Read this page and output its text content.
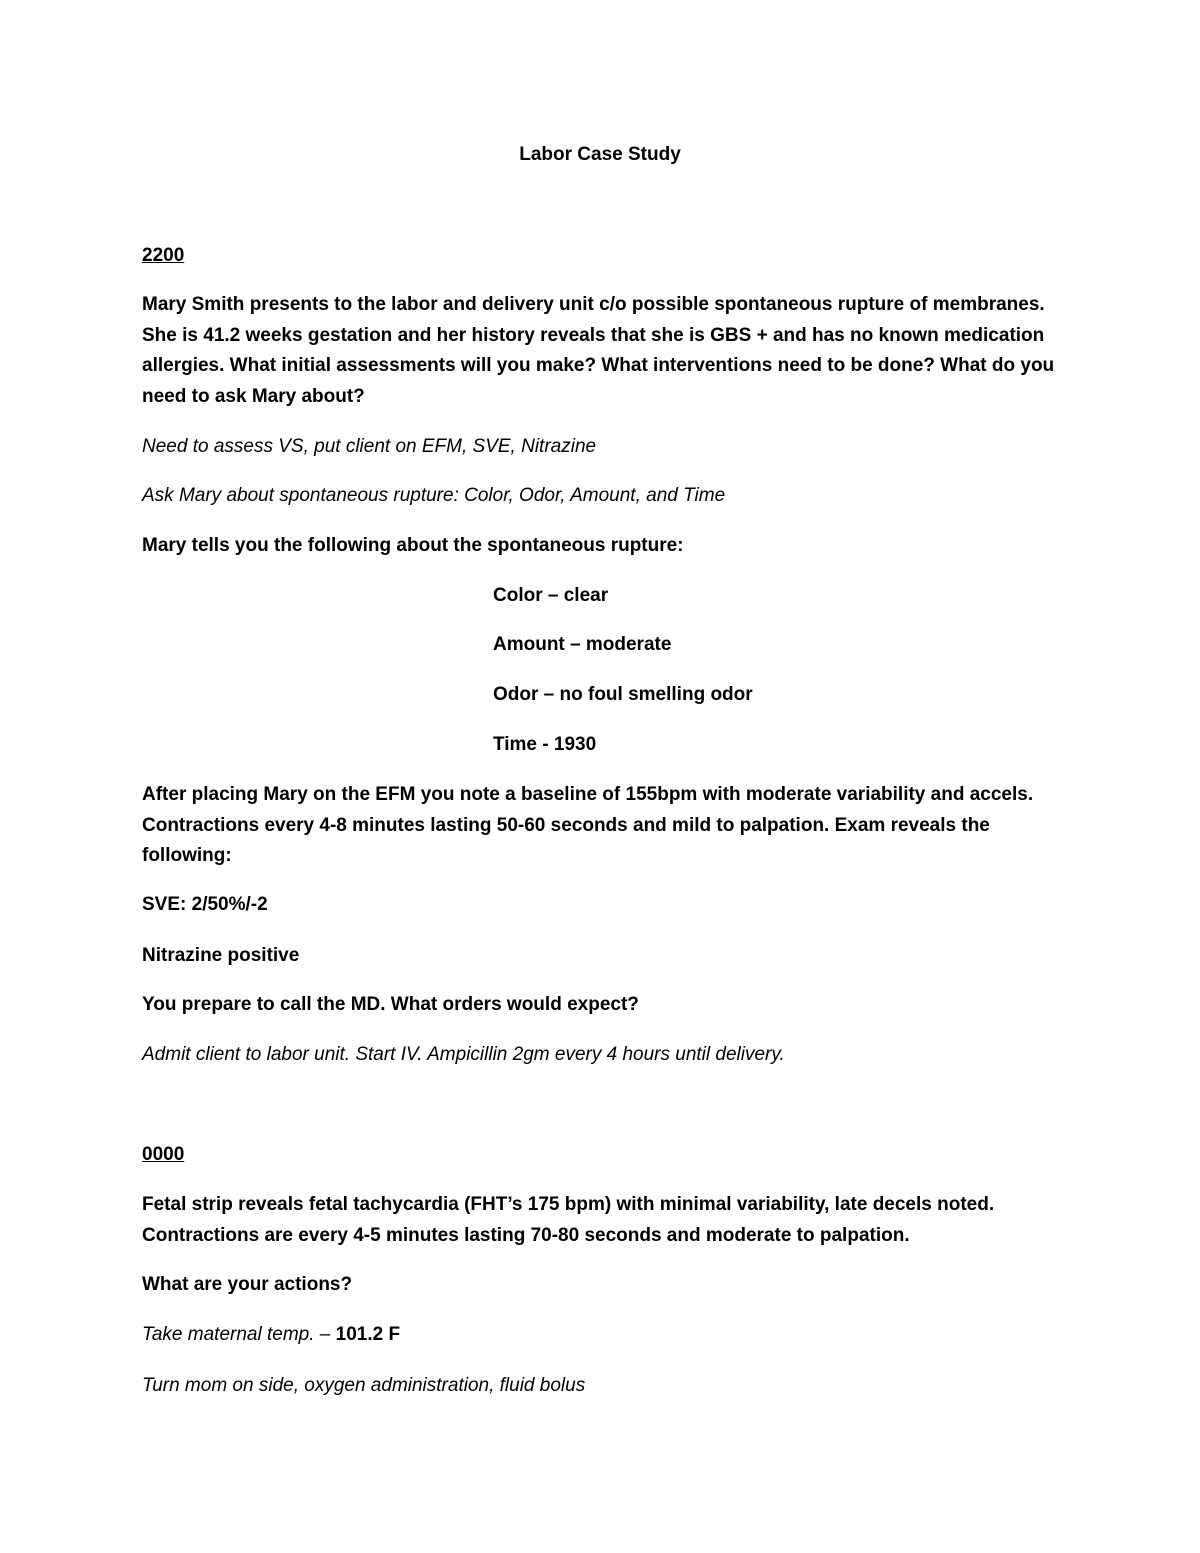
Labor Case Study

2200

Mary Smith presents to the labor and delivery unit c/o possible spontaneous rupture of membranes. She is 41.2 weeks gestation and her history reveals that she is GBS + and has no known medication allergies. What initial assessments will you make? What interventions need to be done? What do you need to ask Mary about?

Need to assess VS, put client on EFM, SVE, Nitrazine

Ask Mary about spontaneous rupture: Color, Odor, Amount, and Time

Mary tells you the following about the spontaneous rupture:

Color – clear

Amount – moderate

Odor – no foul smelling odor

Time - 1930

After placing Mary on the EFM you note a baseline of 155bpm with moderate variability and accels. Contractions every 4-8 minutes lasting 50-60 seconds and mild to palpation. Exam reveals the following:

SVE: 2/50%/-2

Nitrazine positive

You prepare to call the MD. What orders would expect?

Admit client to labor unit. Start IV. Ampicillin 2gm every 4 hours until delivery.

0000

Fetal strip reveals fetal tachycardia (FHT’s 175 bpm) with minimal variability, late decels noted. Contractions are every 4-5 minutes lasting 70-80 seconds and moderate to palpation.

What are your actions?

Take maternal temp. – 101.2 F

Turn mom on side, oxygen administration, fluid bolus
